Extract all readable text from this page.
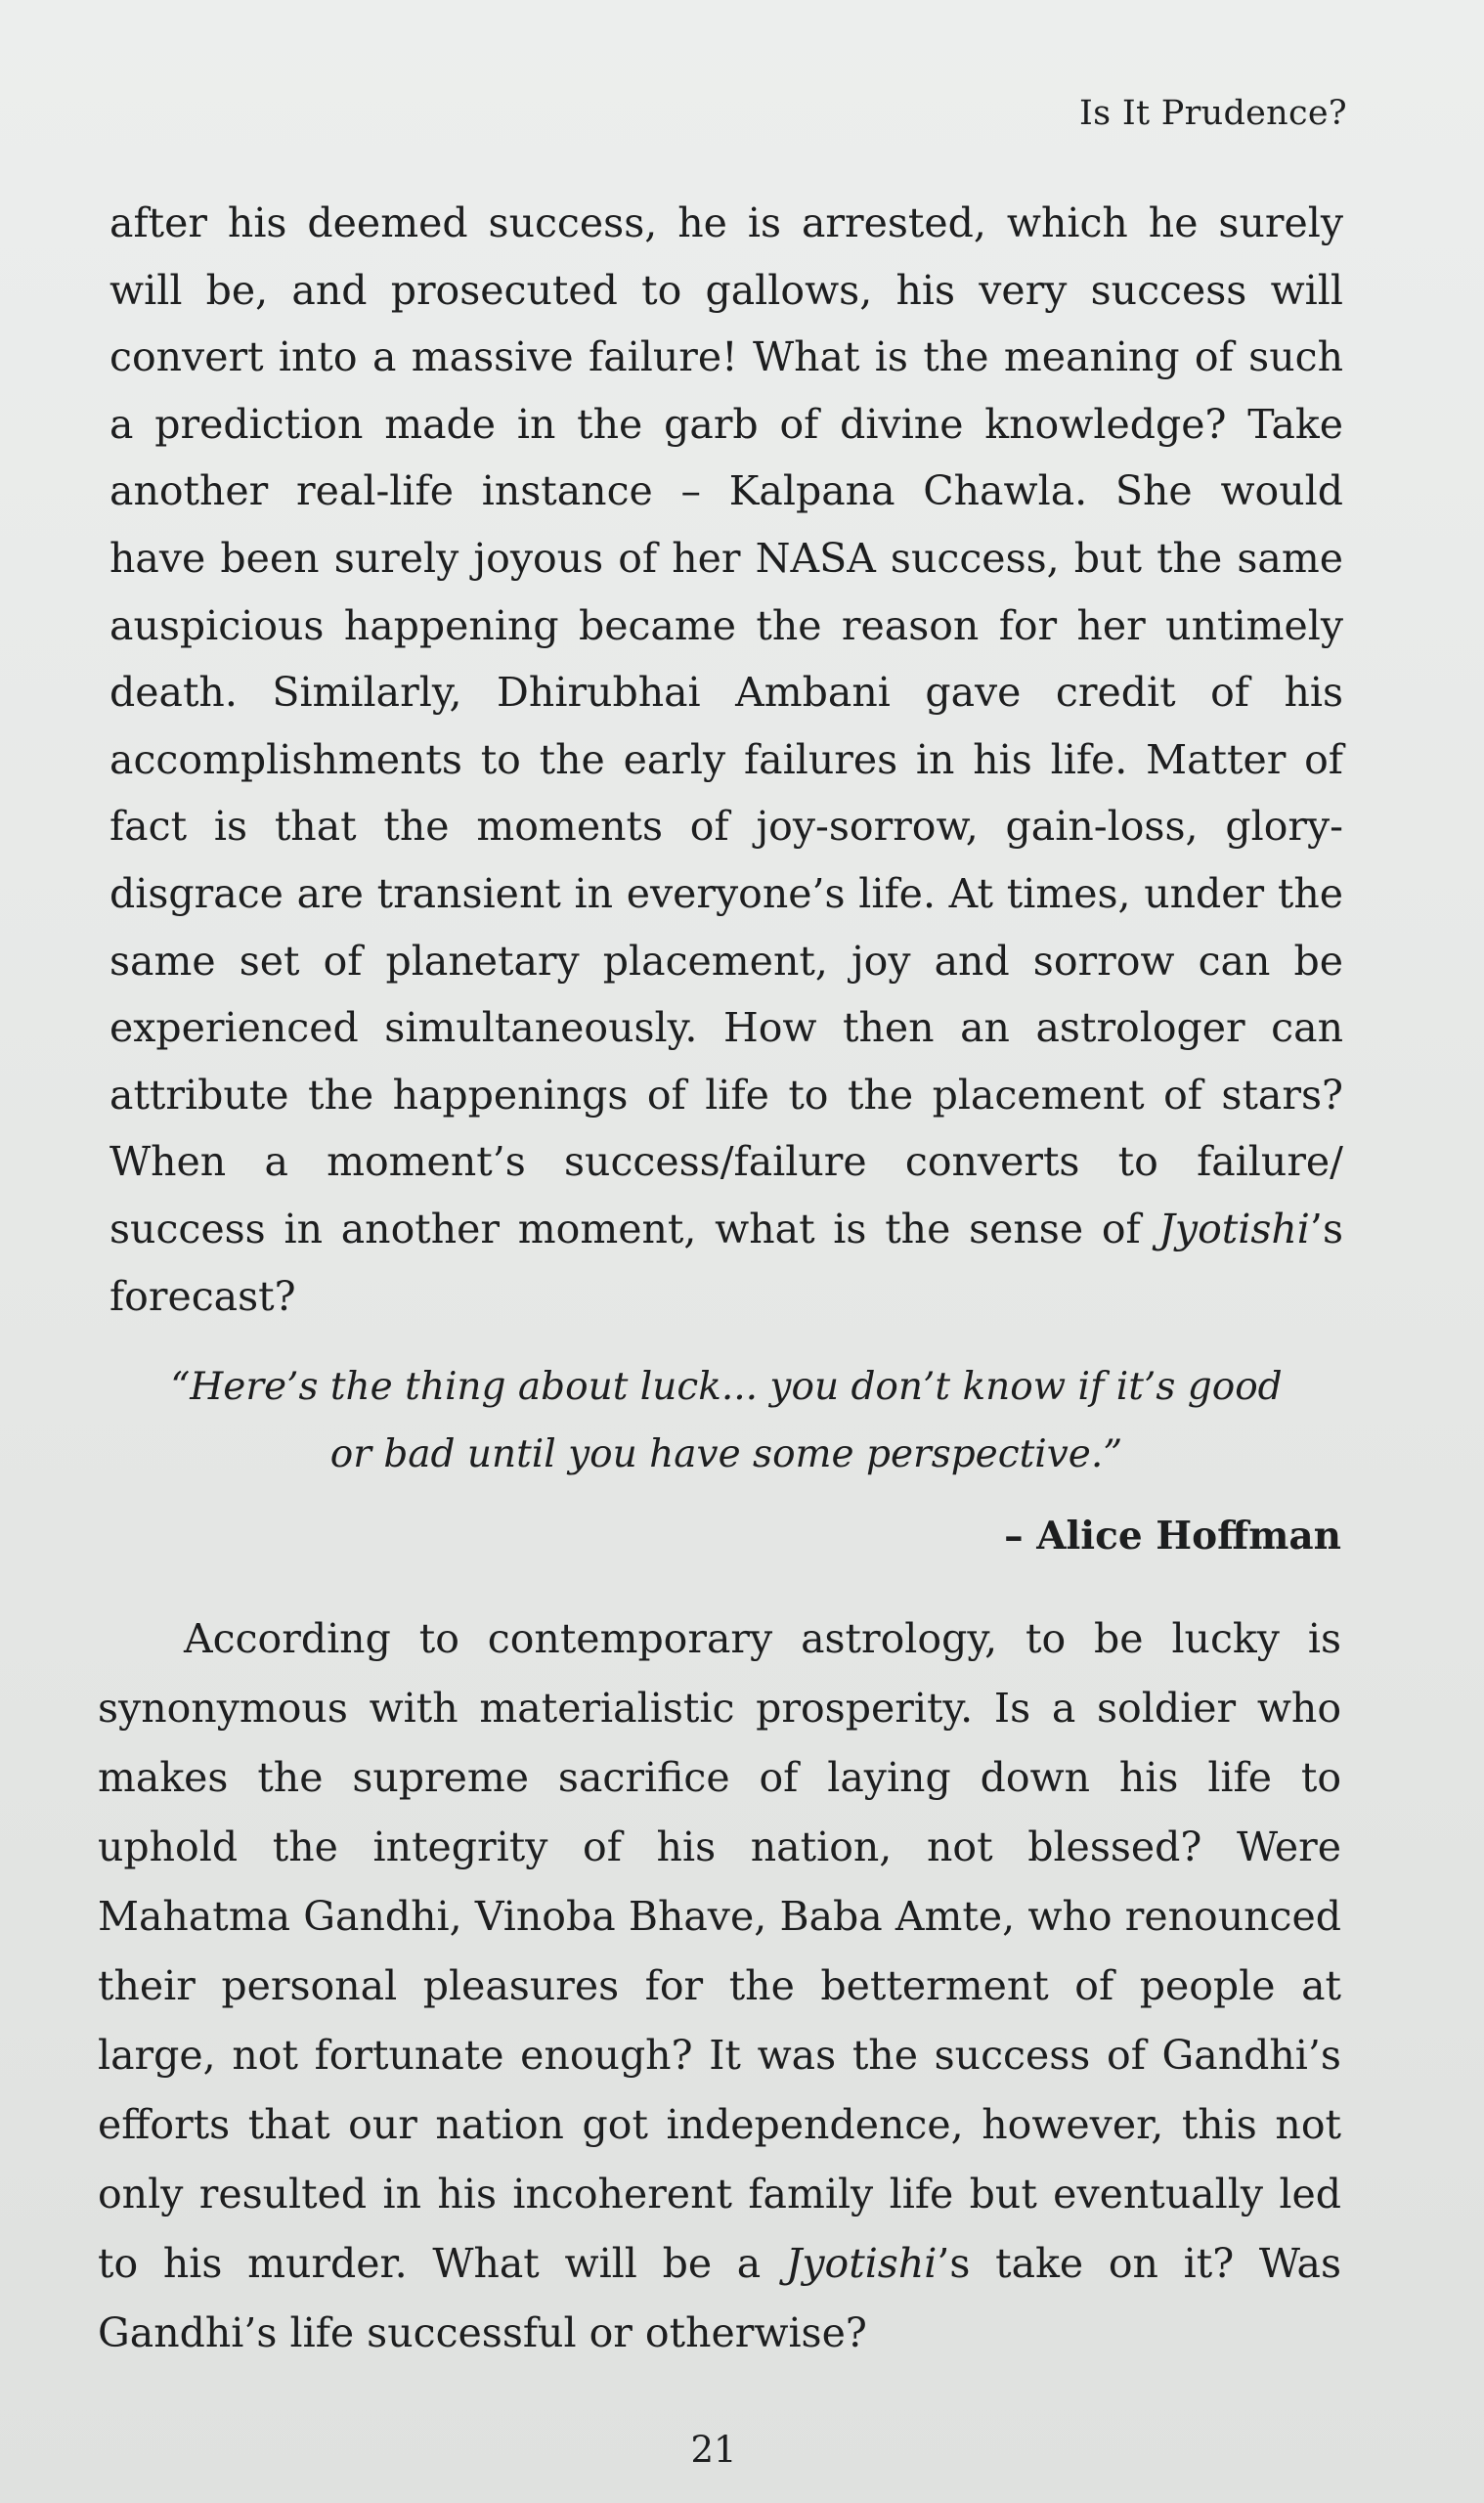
Is It Prudence?

after his deemed success, he is arrested, which he surely will be, and prosecuted to gallows, his very success will convert into a massive failure! What is the meaning of such a prediction made in the garb of divine knowledge? Take another real-life instance – Kalpana Chawla. She would have been surely joyous of her NASA success, but the same auspicious happening became the reason for her untimely death. Similarly, Dhirubhai Ambani gave credit of his accomplishments to the early failures in his life. Matter of fact is that the moments of joy-sorrow, gain-loss, glory- disgrace are transient in everyone’s life. At times, under the same set of planetary placement, joy and sorrow can be experienced simultaneously. How then an astrologer can attribute the happenings of life to the placement of stars? When a moment’s success/failure converts to failure/ success in another moment, what is the sense of Jyotishi’s forecast?

“Here’s the thing about luck... you don’t know if it’s good
or bad until you have some perspective.”

– Alice Hoffman

According to contemporary astrology, to be lucky is synonymous with materialistic prosperity. Is a soldier who makes the supreme sacrifice of laying down his life to uphold the integrity of his nation, not blessed? Were Mahatma Gandhi, Vinoba Bhave, Baba Amte, who renounced their personal pleasures for the betterment of people at large, not fortunate enough? It was the success of Gandhi’s efforts that our nation got independence, however, this not only resulted in his incoherent family life but eventually led to his murder. What will be a Jyotishi’s take on it? Was Gandhi’s life successful or otherwise?

21
